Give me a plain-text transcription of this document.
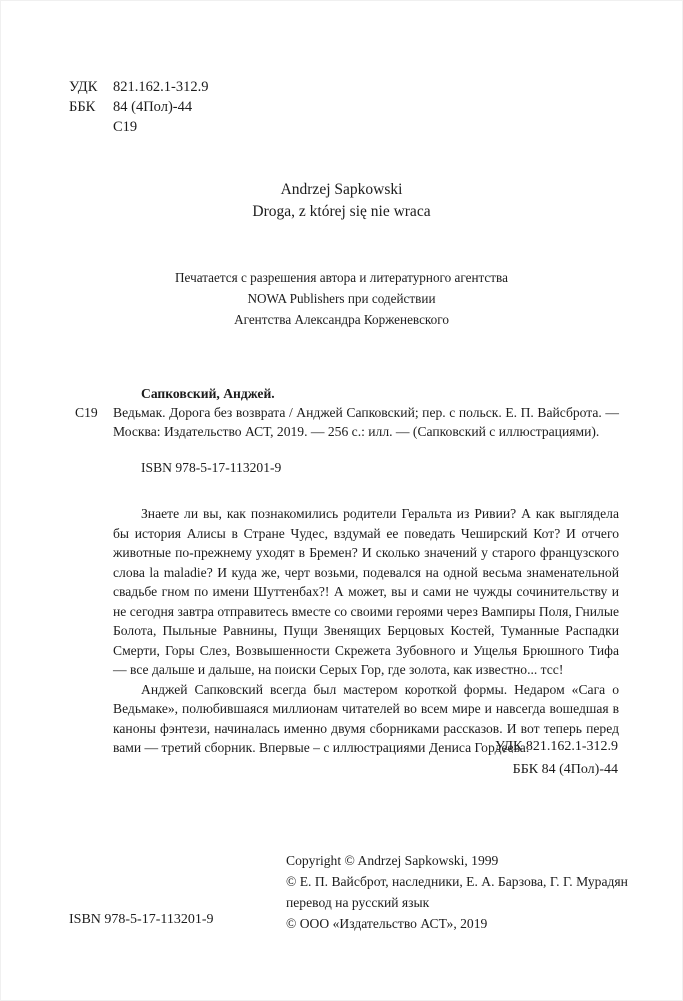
УДК	821.162.1-312.9
ББК	84 (4Пол)-44
С19
Andrzej Sapkowski
Droga, z której się nie wraca
Печатается с разрешения автора и литературного агентства
NOWA Publishers при содействии
Агентства Александра Корженевского
Сапковский, Анджей.
С19 Ведьмак. Дорога без возврата / Анджей Сапковский; пер. с польск. Е. П. Вайсброта. — Москва: Издательство АСТ, 2019. — 256 с.: илл. — (Сапковский с иллюстрациями).
ISBN 978-5-17-113201-9

Знаете ли вы, как познакомились родители Геральта из Ривии? А как выглядела бы история Алисы в Стране Чудес, вздумай ее поведать Чеширский Кот? И отчего животные по-прежнему уходят в Бремен? И сколько значений у старого французского слова la maladie? И куда же, черт возьми, подевался на одной весьма знаменательной свадьбе гном по имени Шуттенбах?! А может, вы и сами не чужды сочинительству и не сегодня завтра отправитесь вместе со своими героями через Вампиры Поля, Гнилые Болота, Пыльные Равнины, Пущи Звенящих Берцовых Костей, Туманные Распадки Смерти, Горы Слез, Возвышенности Скрежета Зубовного и Ущелья Брюшного Тифа — все дальше и дальше, на поиски Серых Гор, где золота, как известно... тсс!

Анджей Сапковский всегда был мастером короткой формы. Недаром «Сага о Ведьмаке», полюбившаяся миллионам читателей во всем мире и навсегда вошедшая в каноны фэнтези, начиналась именно двумя сборниками рассказов. И вот теперь перед вами — третий сборник. Впервые – с иллюстрациями Дениса Гордеева.

УДК 821.162.1-312.9
ББК 84 (4Пол)-44
Copyright © Andrzej Sapkowski, 1999
© Е. П. Вайсброт, наследники, Е. А. Барзова, Г. Г. Мурадян
перевод на русский язык
© ООО «Издательство АСТ», 2019
ISBN 978-5-17-113201-9
